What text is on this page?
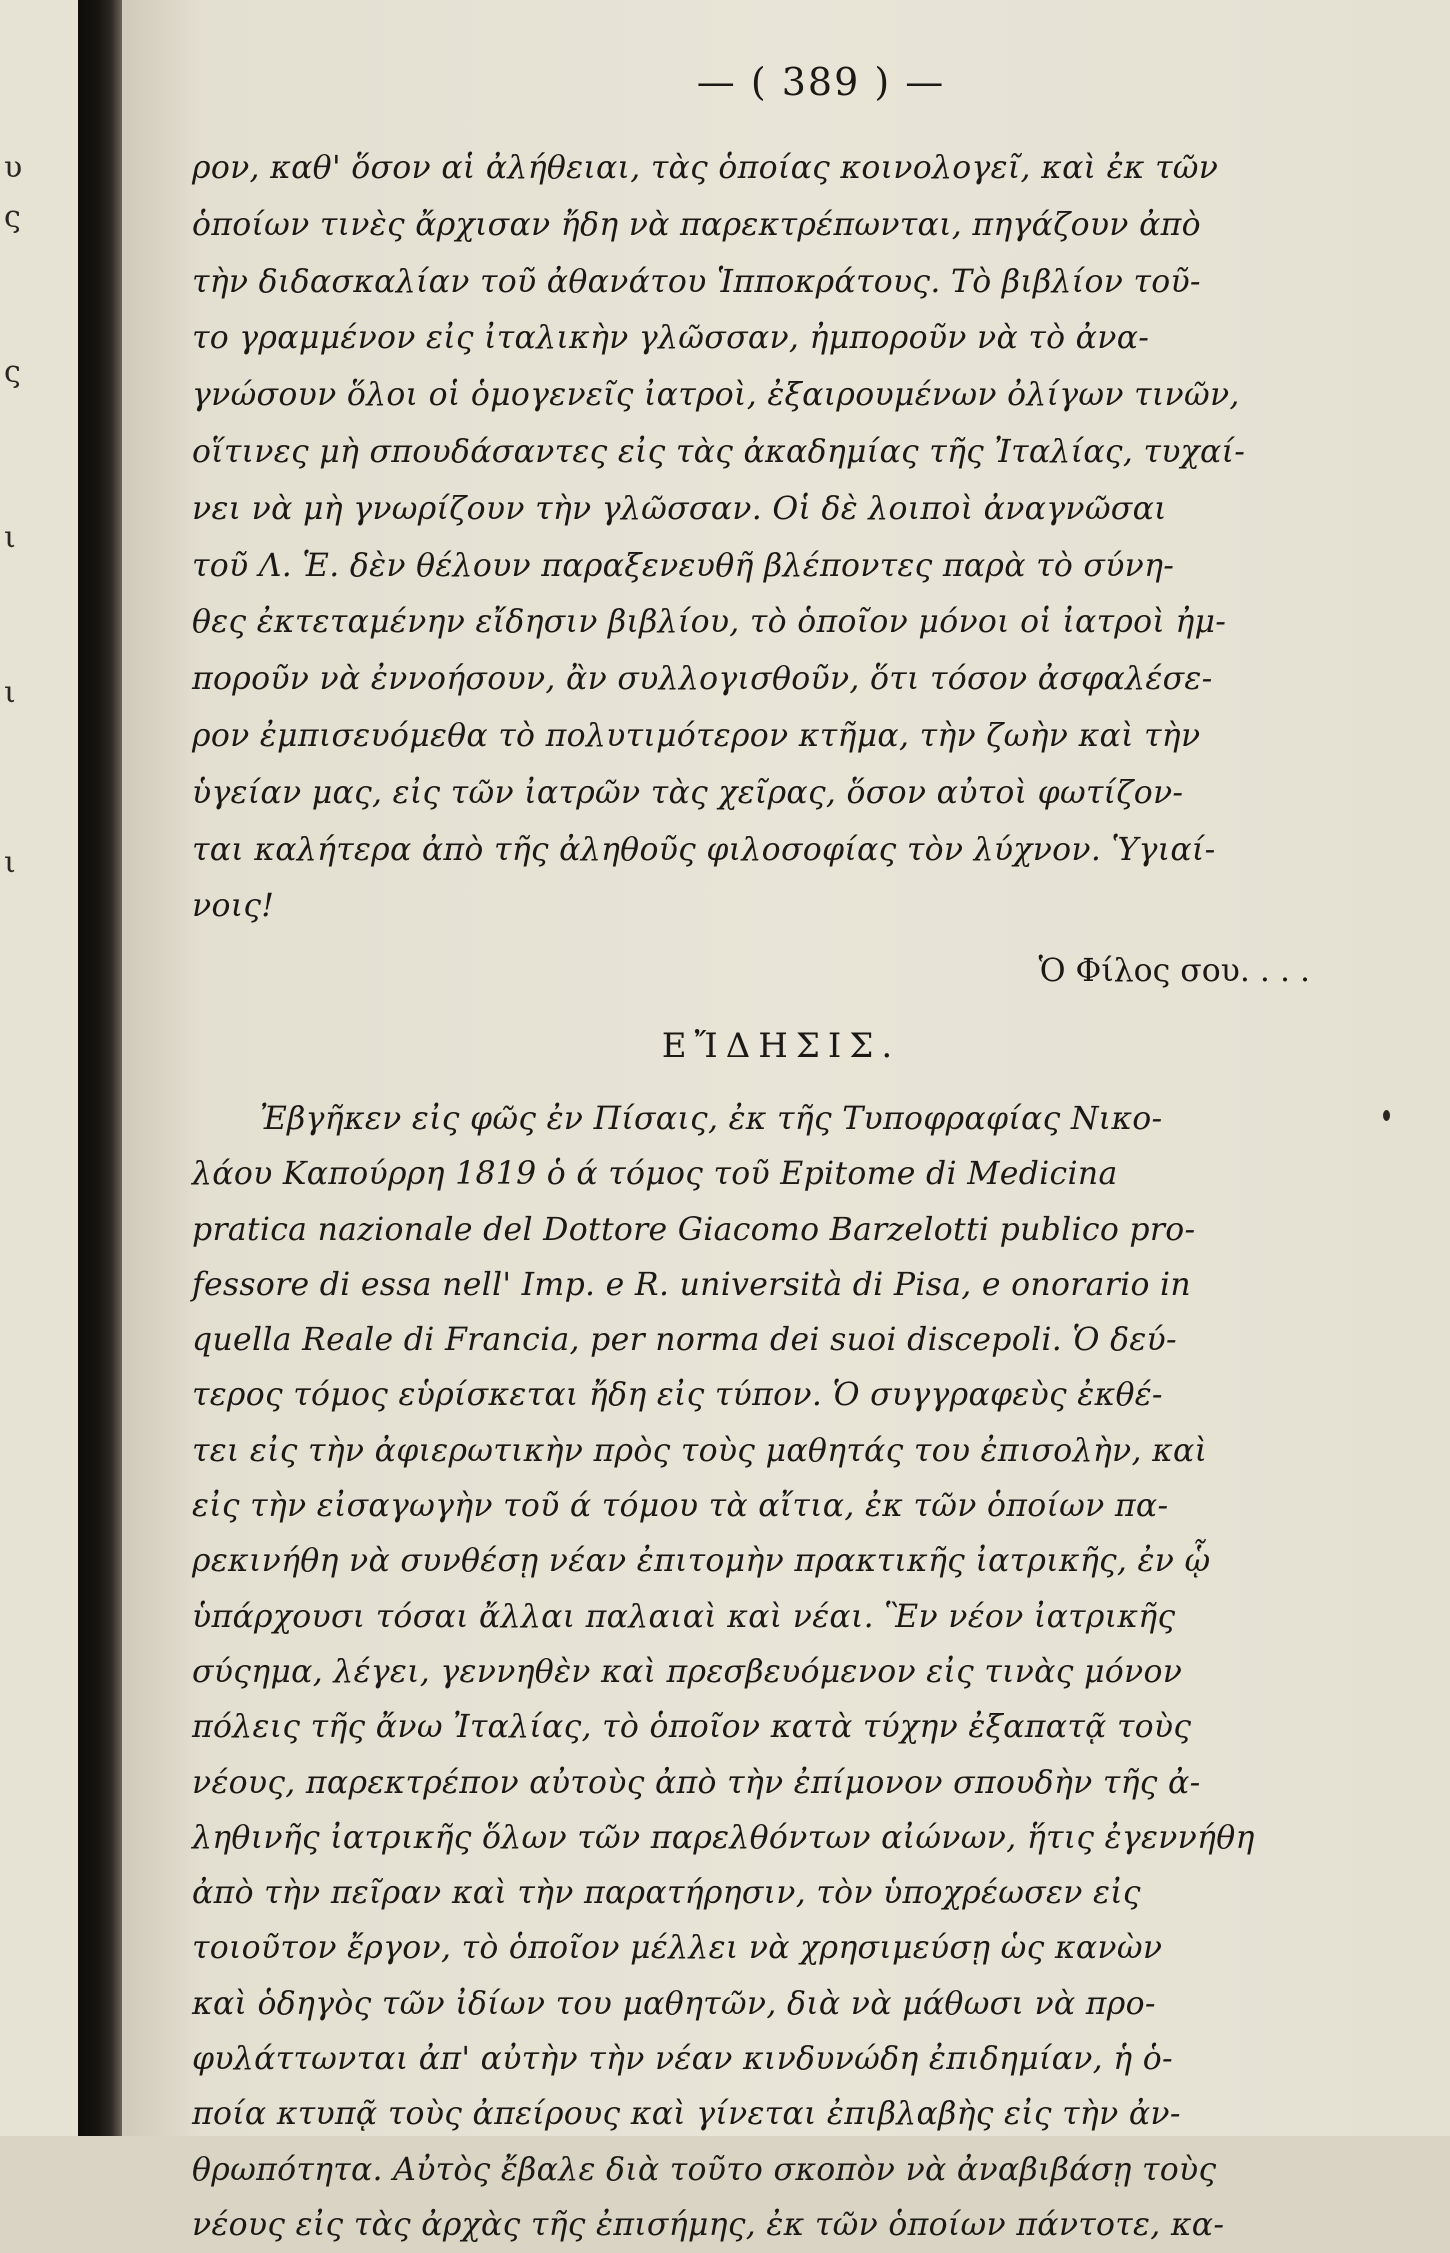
υ
ς
ς
ι
ι
ι
— ( 389 ) —
ρον, καθ' ὅσον αἱ ἀλήθειαι, τὰς ὁποίας κοινολογεῖ, καὶ ἐκ τῶν
ὁποίων τινὲς ἄρχισαν ἤδη νὰ παρεκτρέπωνται, πηγάζουν ἀπὸ
τὴν διδασκαλίαν τοῦ ἀθανάτου Ἱπποκράτους. Τὸ βιβλίον τοῦ-
το γραμμένον εἰς ἰταλικὴν γλῶσσαν, ἠμποροῦν νὰ τὸ ἀνα-
γνώσουν ὅλοι οἱ ὁμογενεῖς ἰατροὶ, ἐξαιρουμένων ὀλίγων τινῶν,
οἵτινες μὴ σπουδάσαντες εἰς τὰς ἀκαδημίας τῆς Ἰταλίας, τυχαί-
νει νὰ μὴ γνωρίζουν τὴν γλῶσσαν. Οἱ δὲ λοιποὶ ἀναγνῶσαι
τοῦ Λ. Ἑ. δὲν θέλουν παραξενευθῆ βλέποντες παρὰ τὸ σύνη-
θες ἐκτεταμένην εἴδησιν βιβλίου, τὸ ὁποῖον μόνοι οἱ ἰατροὶ ἠμ-
ποροῦν νὰ ἐννοήσουν, ἂν συλλογισθοῦν, ὅτι τόσον ἀσφαλέσε-
ρον ἐμπισευόμεθα τὸ πολυτιμότερον κτῆμα, τὴν ζωὴν καὶ τὴν
ὑγείαν μας, εἰς τῶν ἰατρῶν τὰς χεῖρας, ὅσον αὐτοὶ φωτίζον-
ται καλήτερα ἀπὸ τῆς ἀληθοῦς φιλοσοφίας τὸν λύχνον. Ὑγιαί-
νοις!
Ὁ Φίλος σου. . . .
ΕἼΔΗΣΙΣ.
Ἐβγῆκεν εἰς φῶς ἐν Πίσαις, ἐκ τῆς Τυποφραφίας Νικο-
λάου Καπούρρη 1819 ὁ ά τόμος τοῦ Epitome di Medicina
pratica nazionale del Dottore Giacomo Barzelotti publico pro-
fessore di essa nell' Imp. e R. università di Pisa, e onorario in
quella Reale di Francia, per norma dei suoi discepoli. Ὁ δεύ-
τερος τόμος εὑρίσκεται ἤδη εἰς τύπον. Ὁ συγγραφεὺς ἐκθέ-
τει εἰς τὴν ἀφιερωτικὴν πρὸς τοὺς μαθητάς του ἐπισολὴν, καὶ
εἰς τὴν εἰσαγωγὴν τοῦ ά τόμου τὰ αἴτια, ἐκ τῶν ὁποίων πα-
ρεκινήθη νὰ συνθέσῃ νέαν ἐπιτομὴν πρακτικῆς ἰατρικῆς, ἐν ᾧ
ὑπάρχουσι τόσαι ἄλλαι παλαιαὶ καὶ νέαι. Ἓν νέον ἰατρικῆς
σύςημα, λέγει, γεννηθὲν καὶ πρεσβευόμενον εἰς τινὰς μόνον
πόλεις τῆς ἄνω Ἰταλίας, τὸ ὁποῖον κατὰ τύχην ἐξαπατᾷ τοὺς
νέους, παρεκτρέπον αὐτοὺς ἀπὸ τὴν ἐπίμονον σπουδὴν τῆς ἀ-
ληθινῆς ἰατρικῆς ὅλων τῶν παρελθόντων αἰώνων, ἥτις ἐγεννήθη
ἀπὸ τὴν πεῖραν καὶ τὴν παρατήρησιν, τὸν ὑποχρέωσεν εἰς
τοιοῦτον ἔργον, τὸ ὁποῖον μέλλει νὰ χρησιμεύσῃ ὡς κανὼν
καὶ ὁδηγὸς τῶν ἰδίων του μαθητῶν, διὰ νὰ μάθωσι νὰ προ-
φυλάττωνται ἀπ' αὐτὴν τὴν νέαν κινδυνώδη ἐπιδημίαν, ἡ ὁ-
ποία κτυπᾷ τοὺς ἀπείρους καὶ γίνεται ἐπιβλαβὴς εἰς τὴν ἀν-
θρωπότητα. Αὐτὸς ἔβαλε διὰ τοῦτο σκοπὸν νὰ ἀναβιβάσῃ τοὺς
νέους εἰς τὰς ἀρχὰς τῆς ἐπισήμης, ἐκ τῶν ὁποίων πάντοτε, κα-
